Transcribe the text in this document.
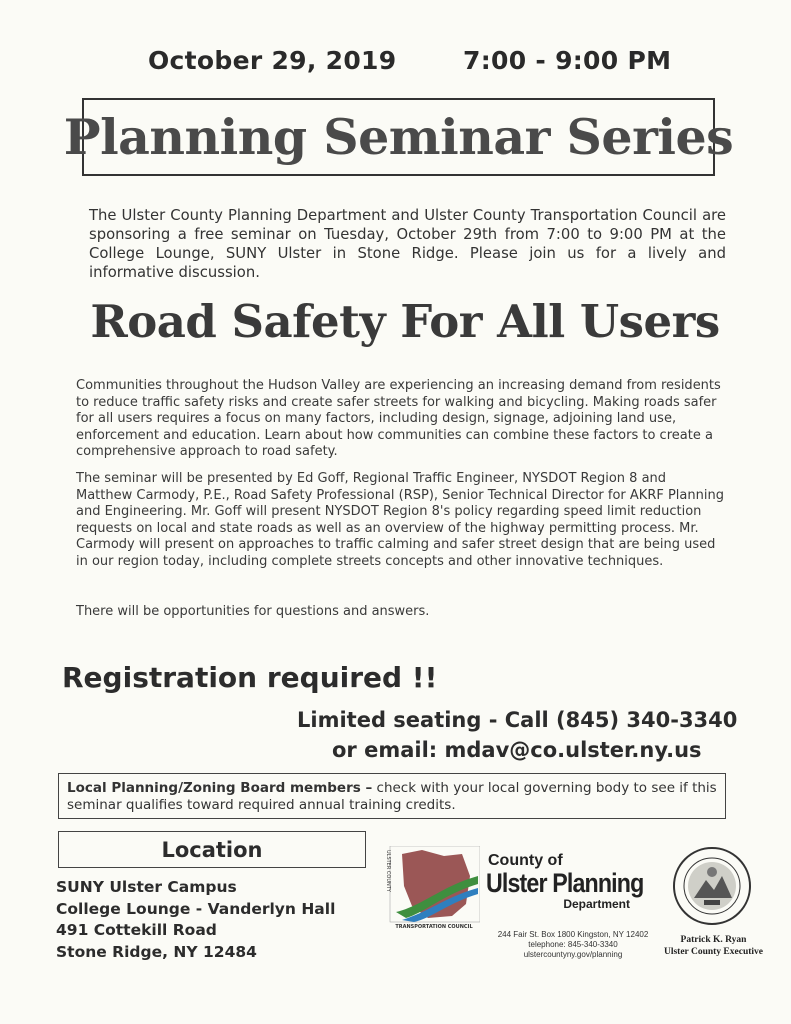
October 29, 2019	7:00 - 9:00 PM
Planning Seminar Series
The Ulster County Planning Department and Ulster County Transportation Council are sponsoring a free seminar on Tuesday, October 29th from 7:00 to 9:00 PM at the College Lounge, SUNY Ulster in Stone Ridge. Please join us for a lively and informative discussion.
Road Safety For All Users
Communities throughout the Hudson Valley are experiencing an increasing demand from residents to reduce traffic safety risks and create safer streets for walking and bicycling. Making roads safer for all users requires a focus on many factors, including design, signage, adjoining land use, enforcement and education. Learn about how communities can combine these factors to create a comprehensive approach to road safety.
The seminar will be presented by Ed Goff, Regional Traffic Engineer, NYSDOT Region 8 and Matthew Carmody, P.E., Road Safety Professional (RSP), Senior Technical Director for AKRF Planning and Engineering. Mr. Goff will present NYSDOT Region 8's policy regarding speed limit reduction requests on local and state roads as well as an overview of the highway permitting process. Mr. Carmody will present on approaches to traffic calming and safer street design that are being used in our region today, including complete streets concepts and other innovative techniques.
There will be opportunities for questions and answers.
Registration required !!
Limited seating - Call (845) 340-3340
or email: mdav@co.ulster.ny.us
Local Planning/Zoning Board members – check with your local governing body to see if this seminar qualifies toward required annual training credits.
Location
SUNY Ulster Campus
College Lounge - Vanderlyn Hall
491 Cottekill Road
Stone Ridge, NY 12484
ULSTER COUNTY
TRANSPORTATION COUNCIL
County of
Ulster Planning
Department
244 Fair St. Box 1800 Kingston, NY 12402
telephone: 845-340-3340
ulstercountyny.gov/planning
Patrick K. Ryan
Ulster County Executive
